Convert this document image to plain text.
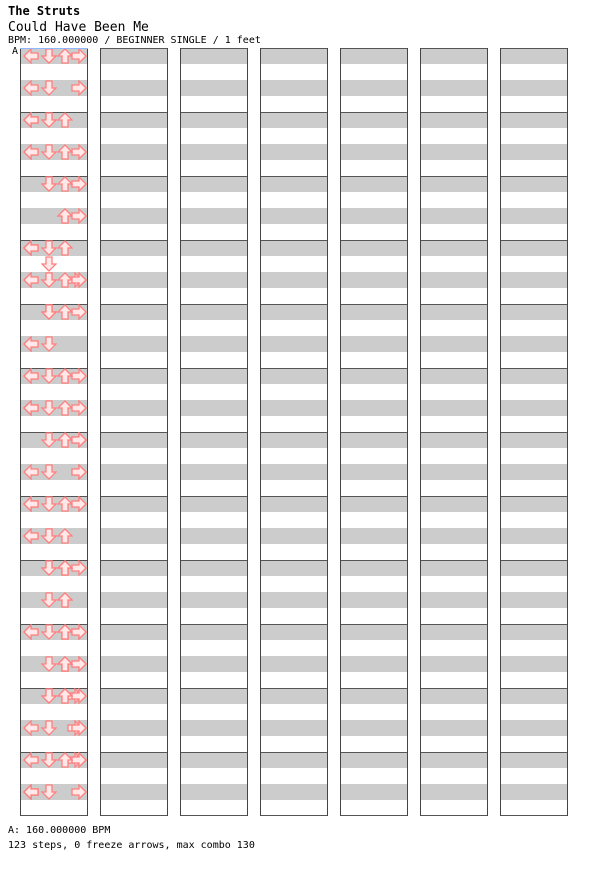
The Struts
Could Have Been Me
BPM: 160.000000 / BEGINNER SINGLE / 1 feet
A
A: 160.000000 BPM
123 steps, 0 freeze arrows, max combo 130
